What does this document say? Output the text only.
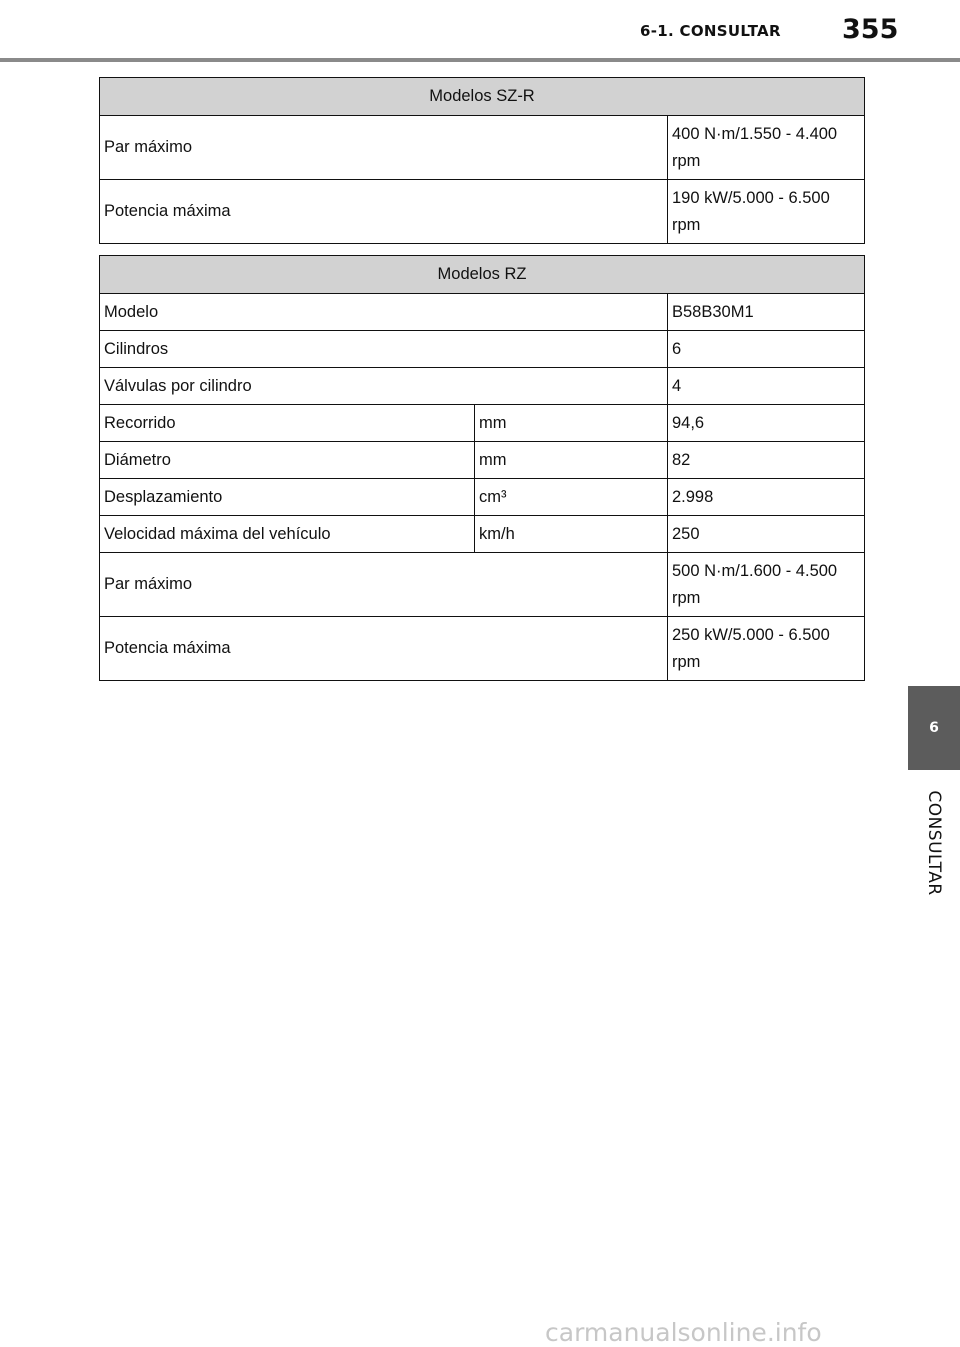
6-1. CONSULTAR 355
Modelos SZ-R	
Par máximo	400 N·m/1.550 - 4.400
rpm
Potencia máxima	190 kW/5.000 - 6.500
rpm
Modelos RZ		
Modelo		B58B30M1
Cilindros		6
Válvulas por cilindro		4
Recorrido	mm	94,6
Diámetro	mm	82
Desplazamiento	cm³	2.998
Velocidad máxima del vehículo	km/h	250
Par máximo		500 N·m/1.600 - 4.500
rpm
Potencia máxima		250 kW/5.000 - 6.500
rpm
6
CONSULTAR
carmanualsonline.info
